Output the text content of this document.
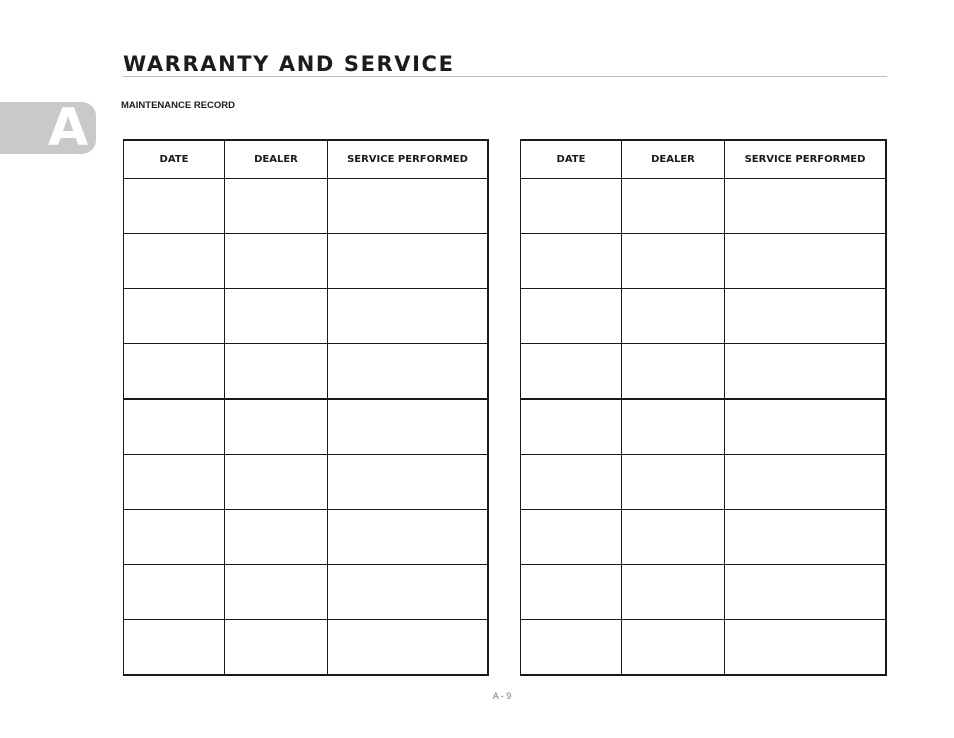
WARRANTY AND SERVICE
A	MAINTENANCE RECORD
DATE	DEALER	SERVICE PERFORMED

			DATE	DEALER	SERVICE PERFORMED

A - 9
